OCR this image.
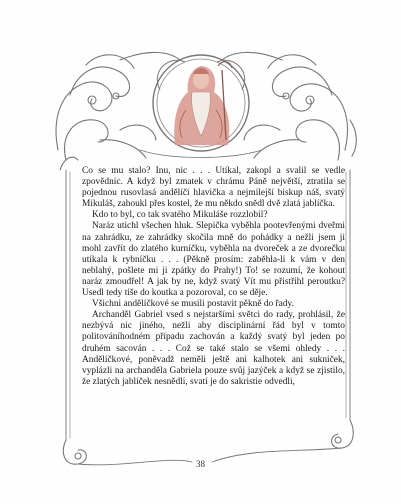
Co se mu stalo? Inu, nic . . . Utíkal, zakopl a svalil se vedle zpovědnic. A když byl zmatek v chrámu Páně největší, ztratila se pojednou rusovlasá andělíčí hlavička a nejmilejší biskup náš, svatý Mikuláš, zahoukl přes kostel, že mu někdo snědl dvě zlatá jablíčka.

Kdo to byl, co tak svatého Mikuláše rozzlobil?

Naráz utichl všechen hluk. Slepička vyběhla pootevřenými dveřmi na zahrádku, ze zahrádky skočila mně do pohádky a nežli jsem ji mohl zavřít do zlatého kurníčku, vyběhla na dvoreček a ze dvorečku utíkala k rybníčku . . . (Pěkně prosím: zaběhla-li k vám v den neblahý, pošlete mi ji zpátky do Prahy!) To! se rozumí, že kohout naráz zmoudřel! A jak by ne, když svatý Vít mu přistřihl peroutku? Usedl tedy tiše do koutka a pozoroval, co se děje.

Všichni andělíčkové se musili postavit pěkně do řady.

Archanděl Gabriel vsed s nejstaršími světci do rady, prohlásil, že nezbývá nic jiného, nežli aby disciplinární řád byl v tomto politováníhodném případu zachován a každý svatý byl jeden po druhém sacován . . . Což se také stalo se všemi ohledy . . . Andělíčkové, poněvadž neměli ještě ani kalhotek ani sukniček, vyplázli na archanděla Gabriela pouze svůj jazýček a když se zjistilo, že zlatých jablíček nesnědli, svatí je do sakristie odvedli,

38
